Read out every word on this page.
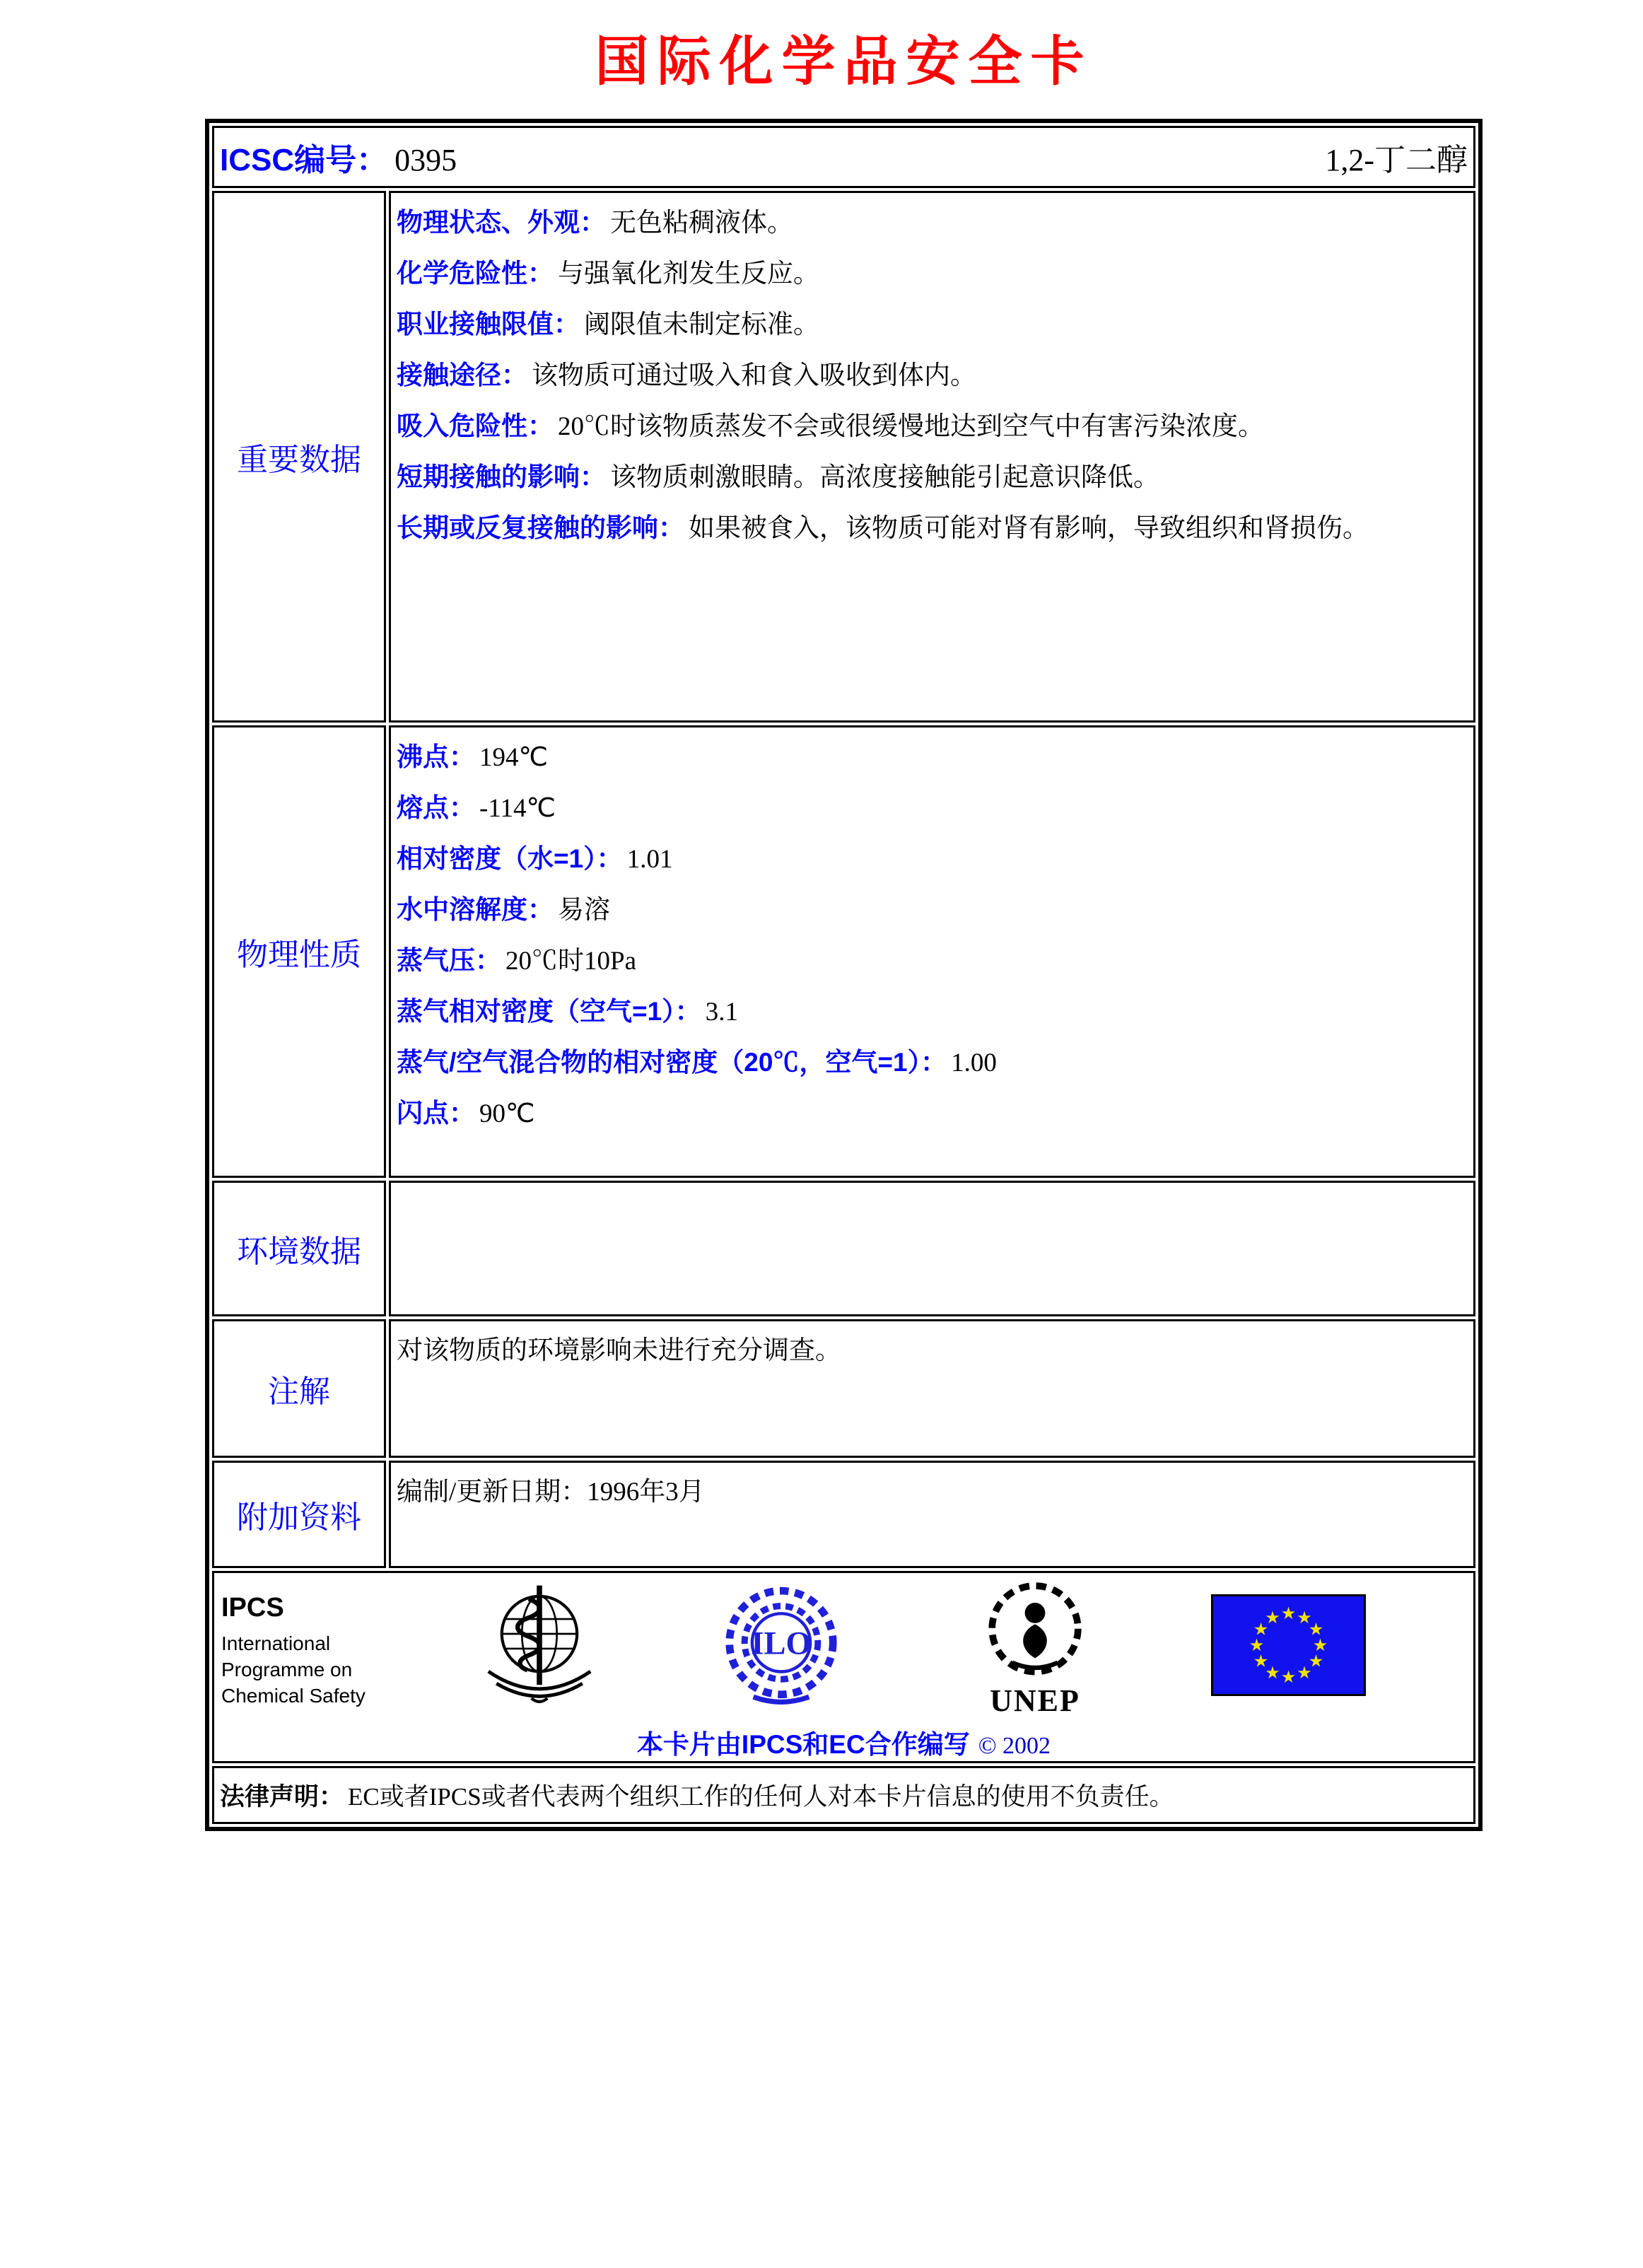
国际化学品安全卡
ICSC编号： 0395 1,2-丁二醇	

重要数据	
物理状态、外观： 无色粘稠液体。
化学危险性： 与强氧化剂发生反应。
职业接触限值： 阈限值未制定标准。
接触途径： 该物质可通过吸入和食入吸收到体内。
吸入危险性： 20℃时该物质蒸发不会或很缓慢地达到空气中有害污染浓度。
短期接触的影响： 该物质刺激眼睛。高浓度接触能引起意识降低。
长期或反复接触的影响： 如果被食入，该物质可能对肾有影响，导致组织和肾损伤。

物理性质	
沸点： 194℃
熔点： -114℃
相对密度（水=1）： 1.01
水中溶解度： 易溶
蒸气压： 20℃时10Pa
蒸气相对密度（空气=1）： 3.1
蒸气/空气混合物的相对密度（20℃，空气=1）： 1.00
闪点： 90℃

环境数据	

注解	对该物质的环境影响未进行充分调查。

附加资料	编制/更新日期：1996年3月

IPCS
International
Programme on
Chemical Safety
ILO
UNEP
★ ★
★
★
★
★
★
★
★
★
★
★
本卡片由IPCS和EC合作编写 © 2002

法律声明： EC或者IPCS或者代表两个组织工作的任何人对本卡片信息的使用不负责任。	
